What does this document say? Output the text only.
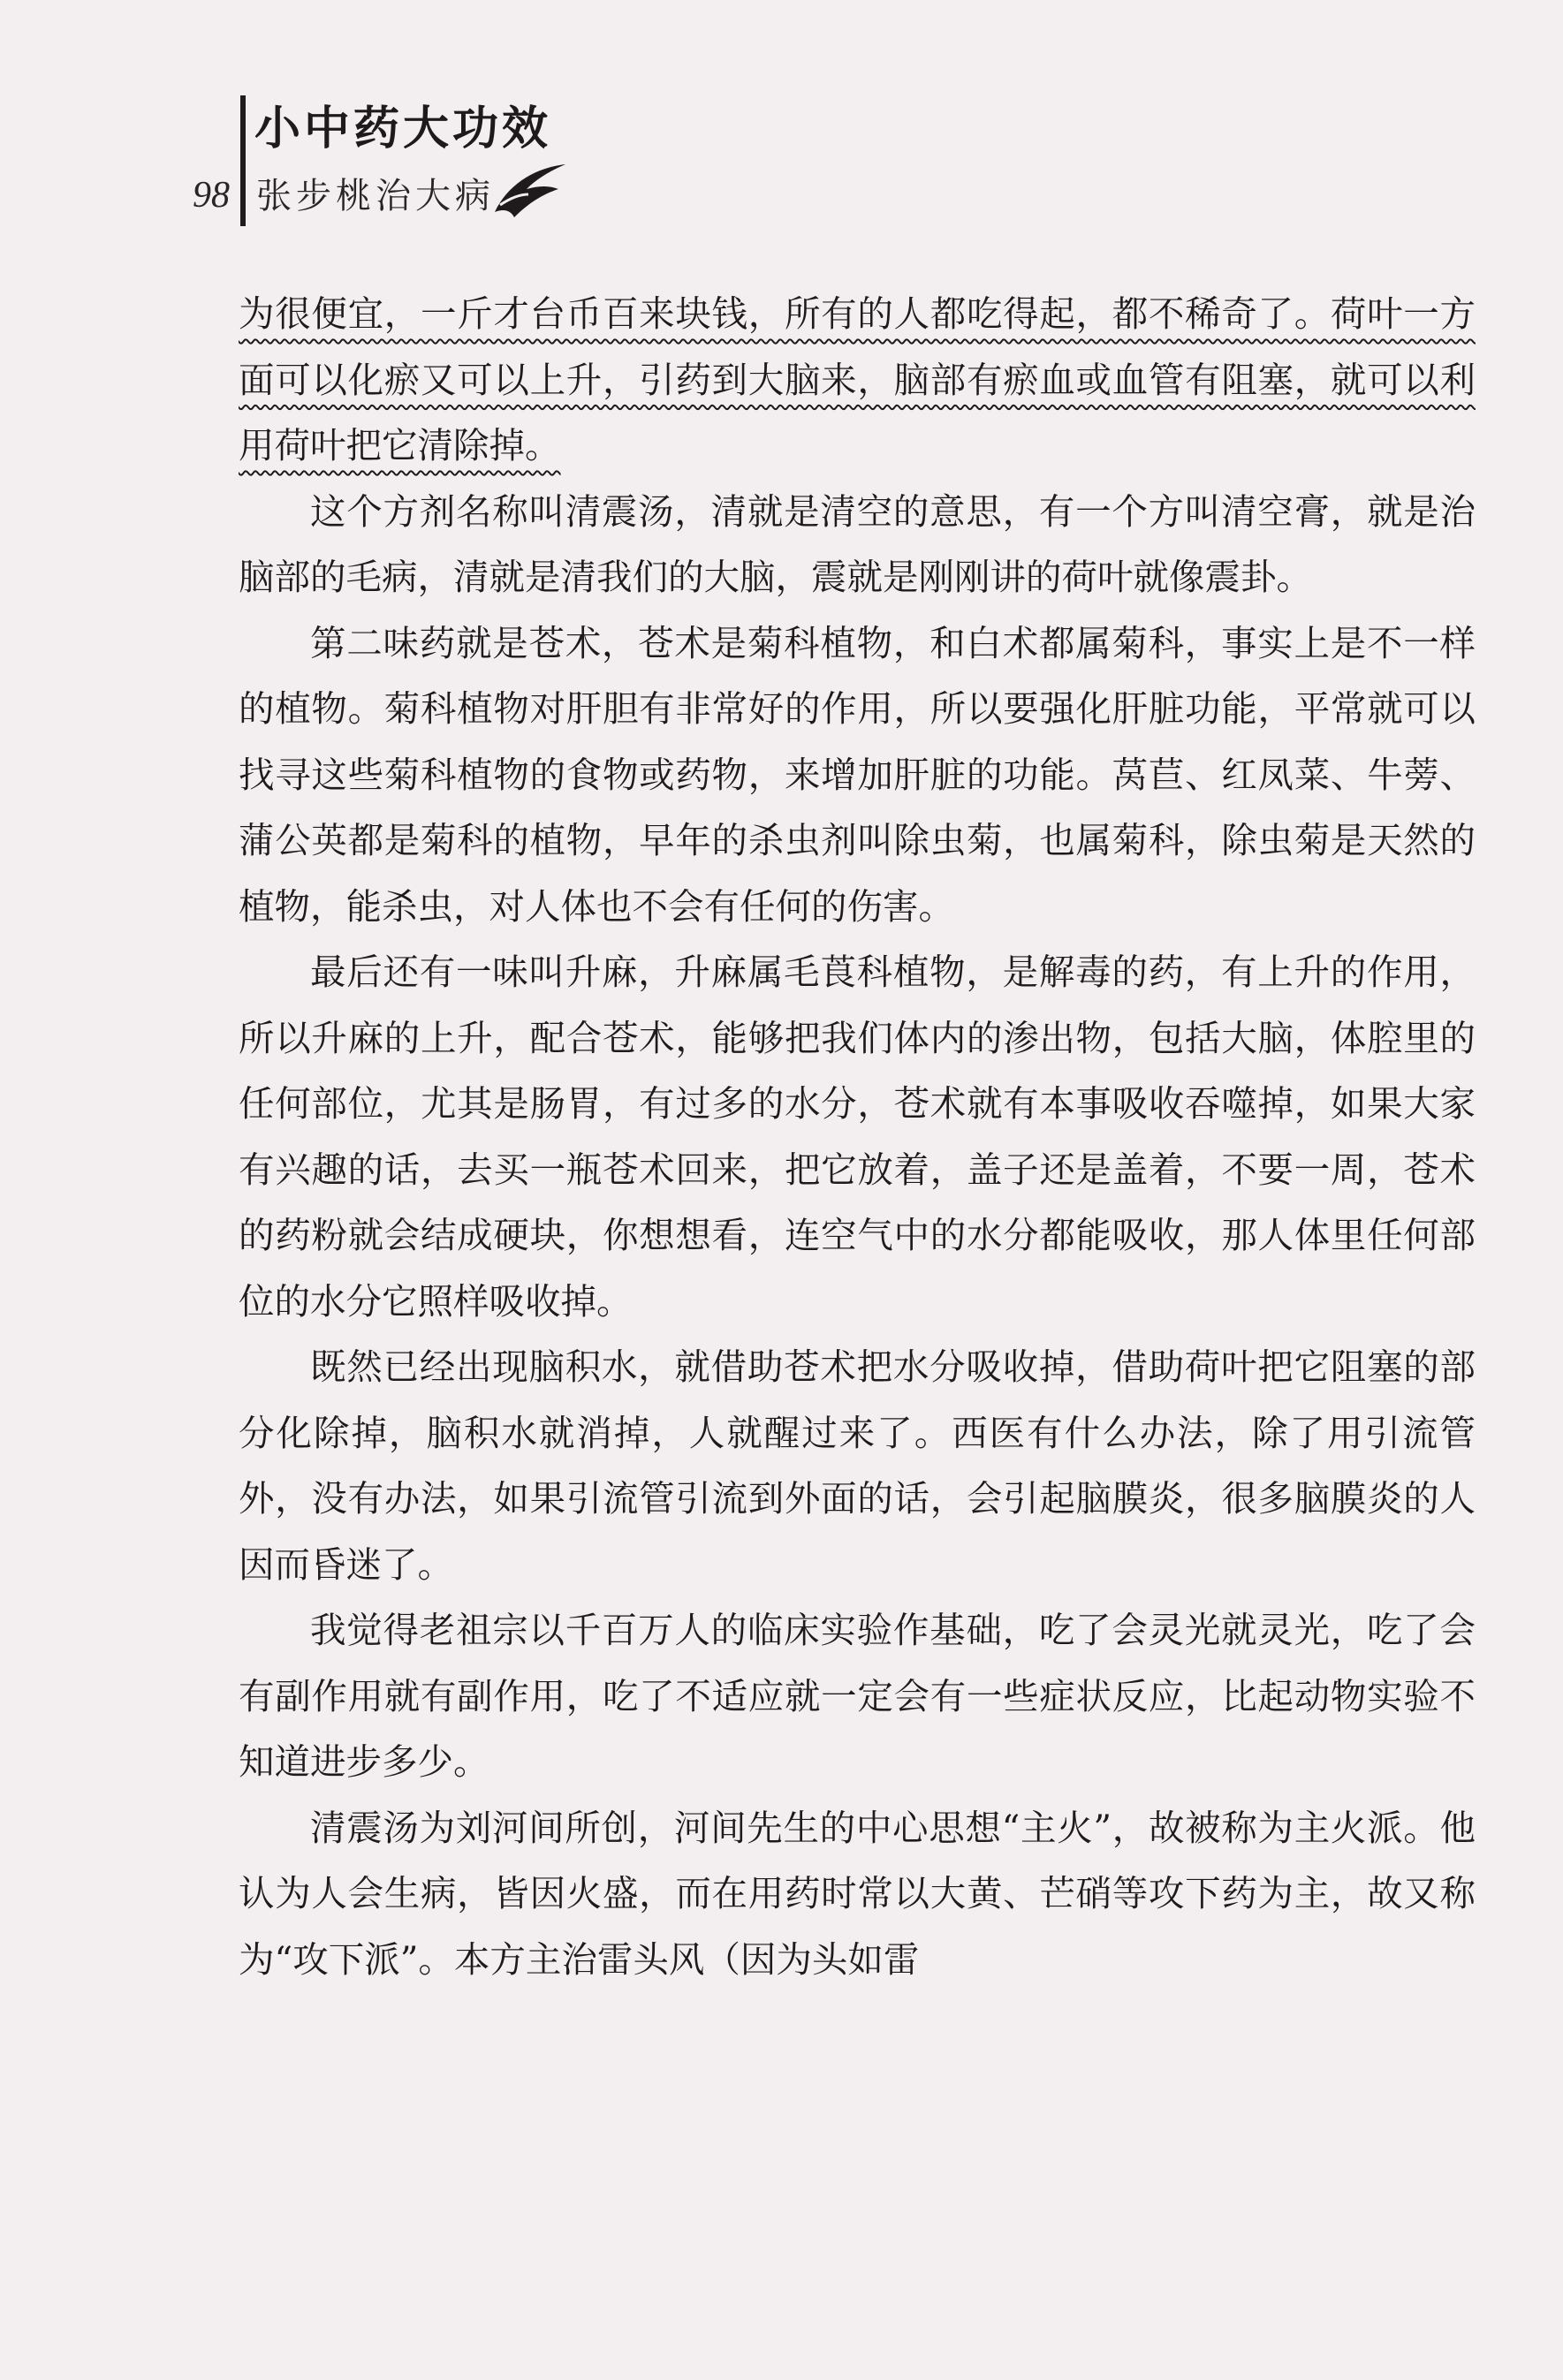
98
小中药大功效
张步桃治大病

为很便宜，一斤才台币百来块钱，所有的人都吃得起，都不稀奇了。荷叶一方面可以化瘀又可以上升，引药到大脑来，脑部有瘀血或血管有阻塞，就可以利用荷叶把它清除掉。

这个方剂名称叫清震汤，清就是清空的意思，有一个方叫清空膏，就是治脑部的毛病，清就是清我们的大脑，震就是刚刚讲的荷叶就像震卦。

第二味药就是苍术，苍术是菊科植物，和白术都属菊科，事实上是不一样的植物。菊科植物对肝胆有非常好的作用，所以要强化肝脏功能，平常就可以找寻这些菊科植物的食物或药物，来增加肝脏的功能。莴苣、红凤菜、牛蒡、蒲公英都是菊科的植物，早年的杀虫剂叫除虫菊，也属菊科，除虫菊是天然的植物，能杀虫，对人体也不会有任何的伤害。

最后还有一味叫升麻，升麻属毛莨科植物，是解毒的药，有上升的作用，所以升麻的上升，配合苍术，能够把我们体内的渗出物，包括大脑，体腔里的任何部位，尤其是肠胃，有过多的水分，苍术就有本事吸收吞噬掉，如果大家有兴趣的话，去买一瓶苍术回来，把它放着，盖子还是盖着，不要一周，苍术的药粉就会结成硬块，你想想看，连空气中的水分都能吸收，那人体里任何部位的水分它照样吸收掉。

既然已经出现脑积水，就借助苍术把水分吸收掉，借助荷叶把它阻塞的部分化除掉，脑积水就消掉，人就醒过来了。西医有什么办法，除了用引流管外，没有办法，如果引流管引流到外面的话，会引起脑膜炎，很多脑膜炎的人因而昏迷了。

我觉得老祖宗以千百万人的临床实验作基础，吃了会灵光就灵光，吃了会有副作用就有副作用，吃了不适应就一定会有一些症状反应，比起动物实验不知道进步多少。

清震汤为刘河间所创，河间先生的中心思想“主火”，故被称为主火派。他认为人会生病，皆因火盛，而在用药时常以大黄、芒硝等攻下药为主，故又称为“攻下派”。本方主治雷头风（因为头如雷
